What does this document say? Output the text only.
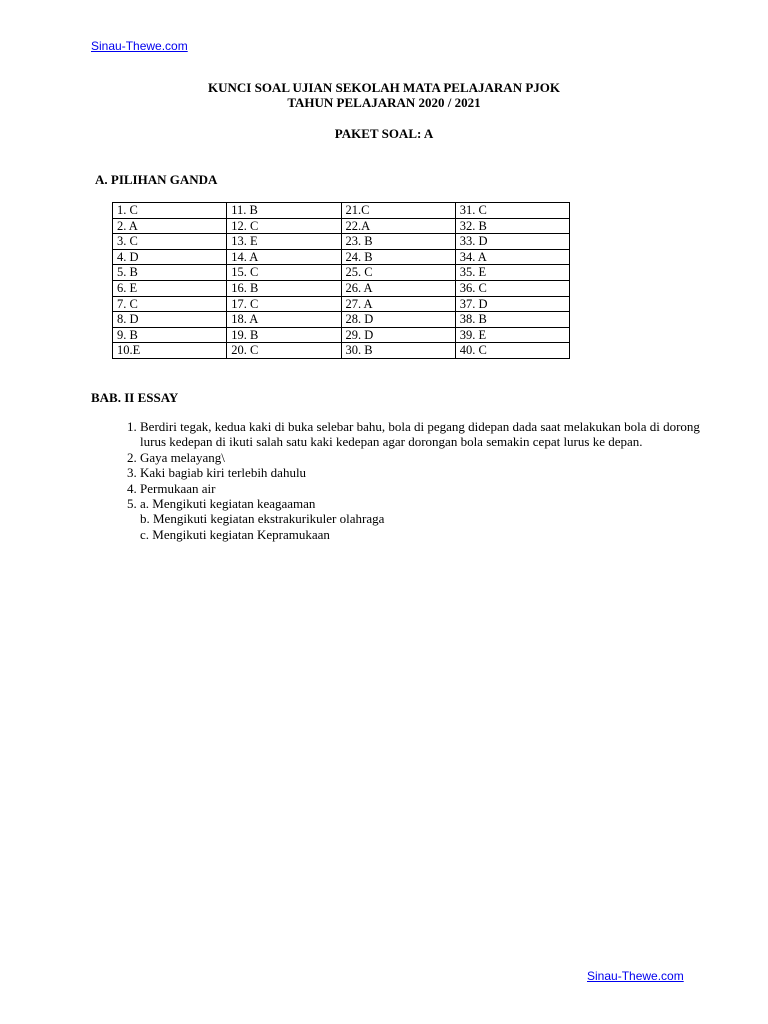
Sinau-Thewe.com
KUNCI SOAL UJIAN SEKOLAH MATA PELAJARAN PJOK
TAHUN PELAJARAN 2020 / 2021
PAKET SOAL: A
A. PILIHAN GANDA
1. C	11. B	21.C	31. C
2. A	12. C	22.A	32. B
3. C	13. E	23. B	33. D
4. D	14. A	24. B	34. A
5. B	15. C	25. C	35. E
6. E	16. B	26. A	36. C
7. C	17. C	27. A	37. D
8. D	18. A	28. D	38. B
9. B	19. B	29. D	39. E
10.E	20. C	30. B	40. C
BAB. II ESSAY
1. Berdiri tegak, kedua kaki di buka selebar bahu, bola di pegang didepan dada saat melakukan bola di dorong lurus kedepan di ikuti salah satu kaki kedepan agar dorongan bola semakin cepat lurus ke depan.
2. Gaya melayang\
3. Kaki bagiab kiri terlebih dahulu
4. Permukaan air
5. a. Mengikuti kegiatan keagaaman
b. Mengikuti kegiatan ekstrakurikuler olahraga
c. Mengikuti kegiatan Kepramukaan
Sinau-Thewe.com
